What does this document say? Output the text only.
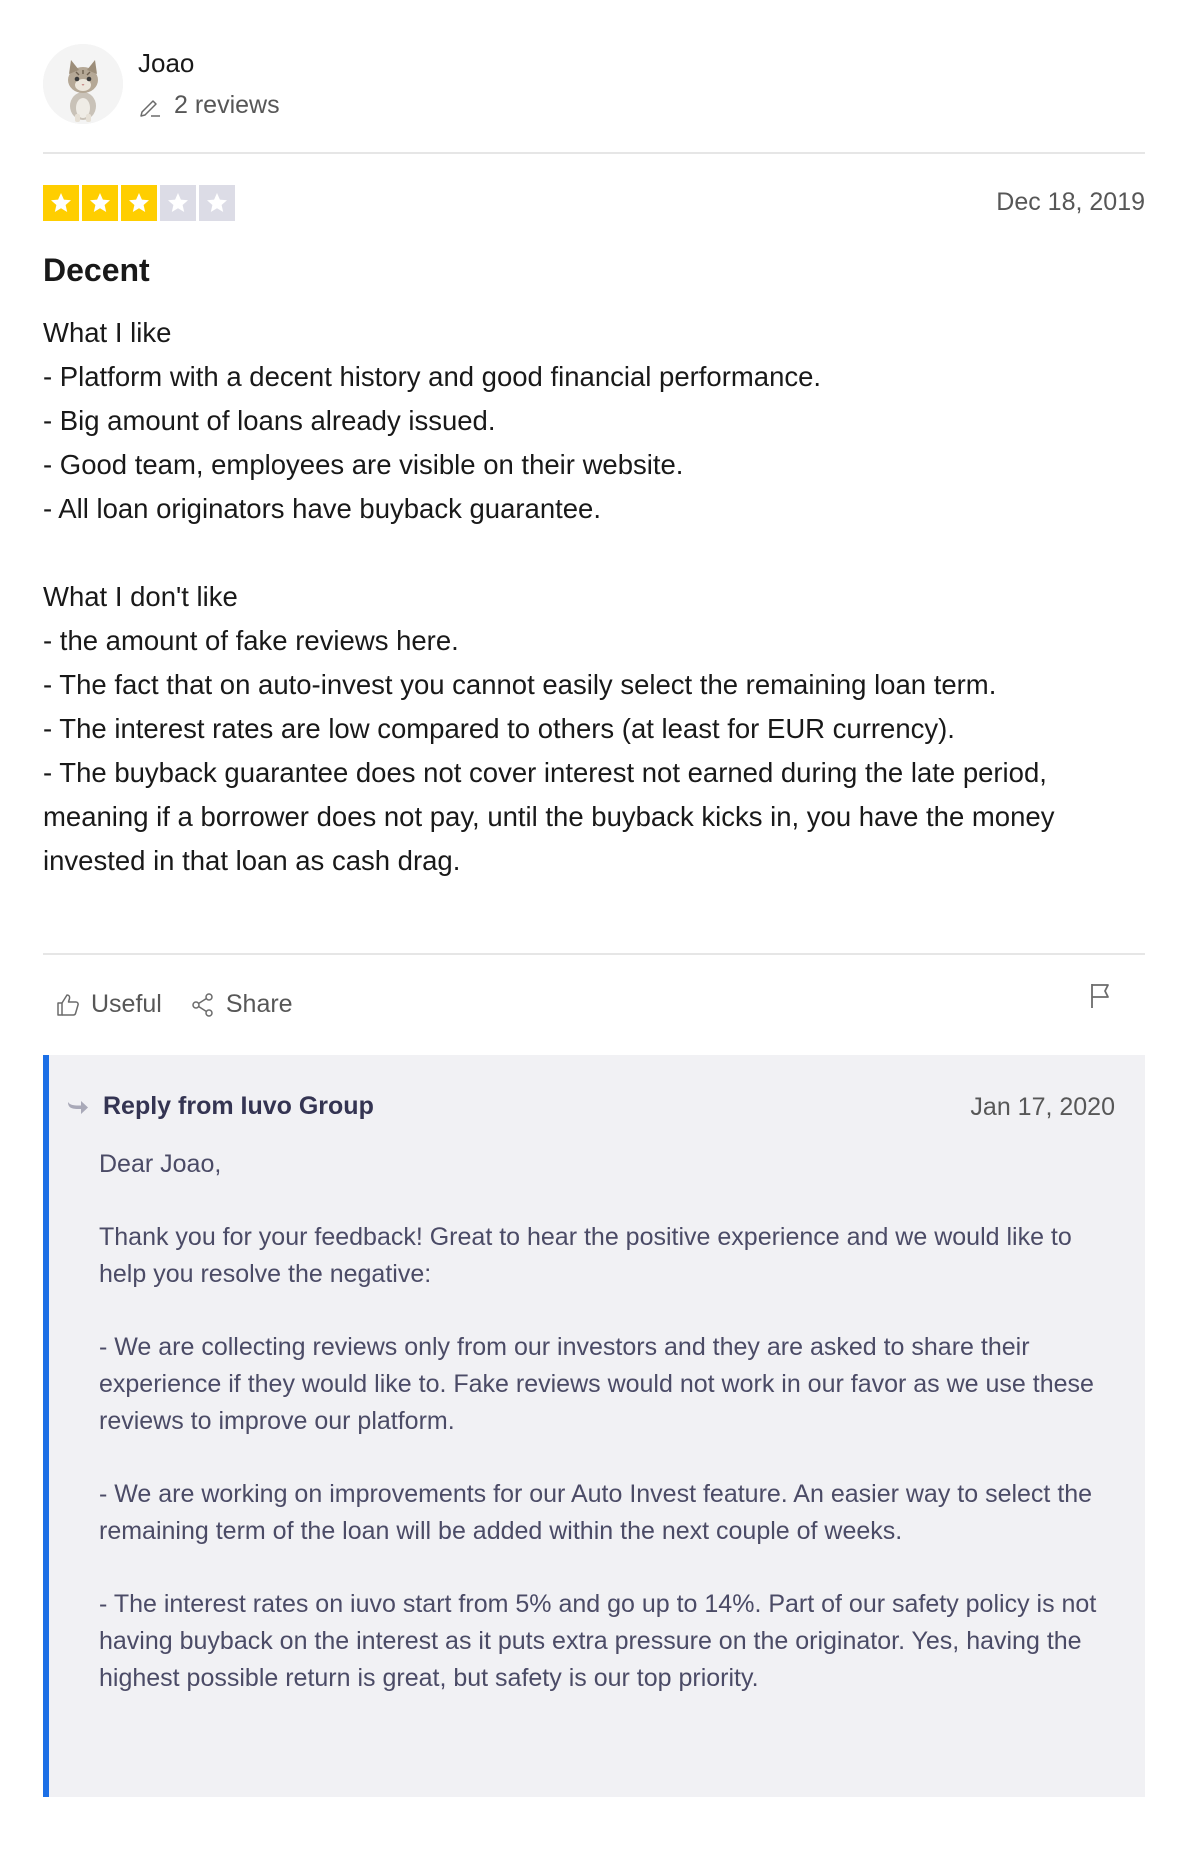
Joao
2 reviews
Dec 18, 2019
Decent
What I like
- Platform with a decent history and good financial performance.
- Big amount of loans already issued.
- Good team, employees are visible on their website.
- All loan originators have buyback guarantee.
What I don't like
- the amount of fake reviews here.
- The fact that on auto-invest you cannot easily select the remaining loan term.
- The interest rates are low compared to others (at least for EUR currency).
- The buyback guarantee does not cover interest not earned during the late period, meaning if a borrower does not pay, until the buyback kicks in, you have the money invested in that loan as cash drag.
Useful	Share
Reply from Iuvo Group	Jan 17, 2020
Dear Joao,
Thank you for your feedback! Great to hear the positive experience and we would like to help you resolve the negative:
- We are collecting reviews only from our investors and they are asked to share their experience if they would like to. Fake reviews would not work in our favor as we use these reviews to improve our platform.
- We are working on improvements for our Auto Invest feature. An easier way to select the remaining term of the loan will be added within the next couple of weeks.
- The interest rates on iuvo start from 5% and go up to 14%. Part of our safety policy is not having buyback on the interest as it puts extra pressure on the originator. Yes, having the highest possible return is great, but safety is our top priority.
